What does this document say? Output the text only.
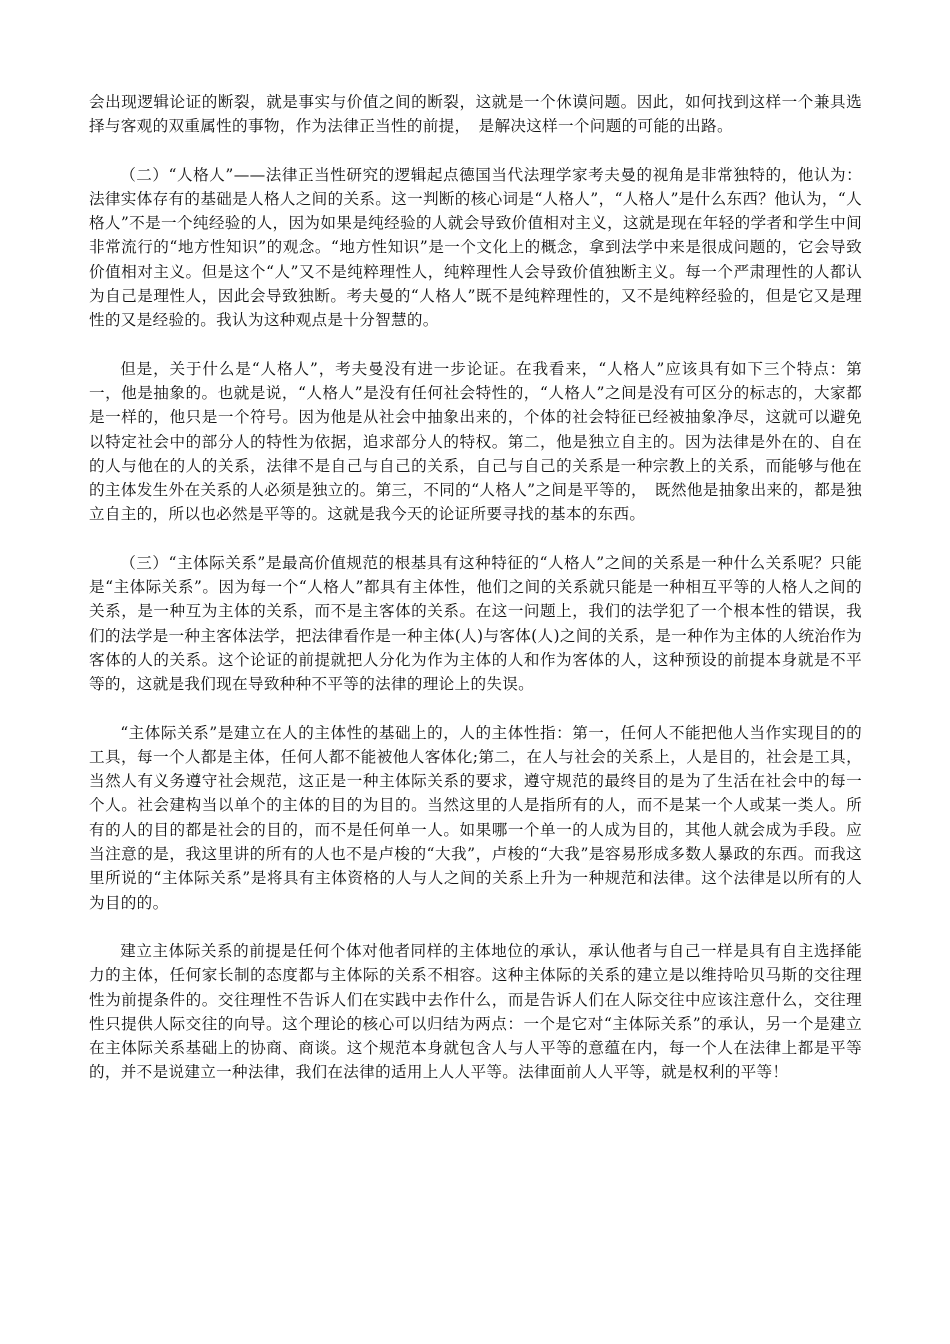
会出现逻辑论证的断裂，就是事实与价值之间的断裂，这就是一个休谟问题。因此，如何找到这样一个兼具选择与客观的双重属性的事物，作为法律正当性的前提，　是解决这样一个问题的可能的出路。

（二）“人格人”——法律正当性研究的逻辑起点德国当代法理学家考夫曼的视角是非常独特的，他认为：法律实体存有的基础是人格人之间的关系。这一判断的核心词是“人格人”，“人格人”是什么东西？他认为，“人格人”不是一个纯经验的人，因为如果是纯经验的人就会导致价值相对主义，这就是现在年轻的学者和学生中间非常流行的“地方性知识”的观念。“地方性知识”是一个文化上的概念，拿到法学中来是很成问题的，它会导致价值相对主义。但是这个“人”又不是纯粹理性人，纯粹理性人会导致价值独断主义。每一个严肃理性的人都认为自己是理性人，因此会导致独断。考夫曼的“人格人”既不是纯粹理性的，又不是纯粹经验的，但是它又是理性的又是经验的。我认为这种观点是十分智慧的。

但是，关于什么是“人格人”，考夫曼没有进一步论证。在我看来，“人格人”应该具有如下三个特点：第一，他是抽象的。也就是说，“人格人”是没有任何社会特性的，“人格人”之间是没有可区分的标志的，大家都是一样的，他只是一个符号。因为他是从社会中抽象出来的，个体的社会特征已经被抽象净尽，这就可以避免以特定社会中的部分人的特性为依据，追求部分人的特权。第二，他是独立自主的。因为法律是外在的、自在的人与他在的人的关系，法律不是自己与自己的关系，自己与自己的关系是一种宗教上的关系，而能够与他在的主体发生外在关系的人必须是独立的。第三，不同的“人格人”之间是平等的，　既然他是抽象出来的，都是独立自主的，所以也必然是平等的。这就是我今天的论证所要寻找的基本的东西。

（三）“主体际关系”是最高价值规范的根基具有这种特征的“人格人”之间的关系是一种什么关系呢？只能是“主体际关系”。因为每一个“人格人”都具有主体性，他们之间的关系就只能是一种相互平等的人格人之间的关系，是一种互为主体的关系，而不是主客体的关系。在这一问题上，我们的法学犯了一个根本性的错误，我们的法学是一种主客体法学，把法律看作是一种主体(人)与客体(人)之间的关系，是一种作为主体的人统治作为客体的人的关系。这个论证的前提就把人分化为作为主体的人和作为客体的人，这种预设的前提本身就是不平等的，这就是我们现在导致种种不平等的法律的理论上的失误。

“主体际关系”是建立在人的主体性的基础上的，人的主体性指：第一，任何人不能把他人当作实现目的的工具，每一个人都是主体，任何人都不能被他人客体化;第二，在人与社会的关系上，人是目的，社会是工具，当然人有义务遵守社会规范，这正是一种主体际关系的要求，遵守规范的最终目的是为了生活在社会中的每一个人。社会建构当以单个的主体的目的为目的。当然这里的人是指所有的人，而不是某一个人或某一类人。所有的人的目的都是社会的目的，而不是任何单一人。如果哪一个单一的人成为目的，其他人就会成为手段。应当注意的是，我这里讲的所有的人也不是卢梭的“大我”，卢梭的“大我”是容易形成多数人暴政的东西。而我这里所说的“主体际关系”是将具有主体资格的人与人之间的关系上升为一种规范和法律。这个法律是以所有的人为目的的。

建立主体际关系的前提是任何个体对他者同样的主体地位的承认，承认他者与自己一样是具有自主选择能力的主体，任何家长制的态度都与主体际的关系不相容。这种主体际的关系的建立是以维持哈贝马斯的交往理性为前提条件的。交往理性不告诉人们在实践中去作什么，而是告诉人们在人际交往中应该注意什么，交往理性只提供人际交往的向导。这个理论的核心可以归结为两点：一个是它对“主体际关系”的承认，另一个是建立在主体际关系基础上的协商、商谈。这个规范本身就包含人与人平等的意蕴在内，每一个人在法律上都是平等的，并不是说建立一种法律，我们在法律的适用上人人平等。法律面前人人平等，就是权利的平等！
